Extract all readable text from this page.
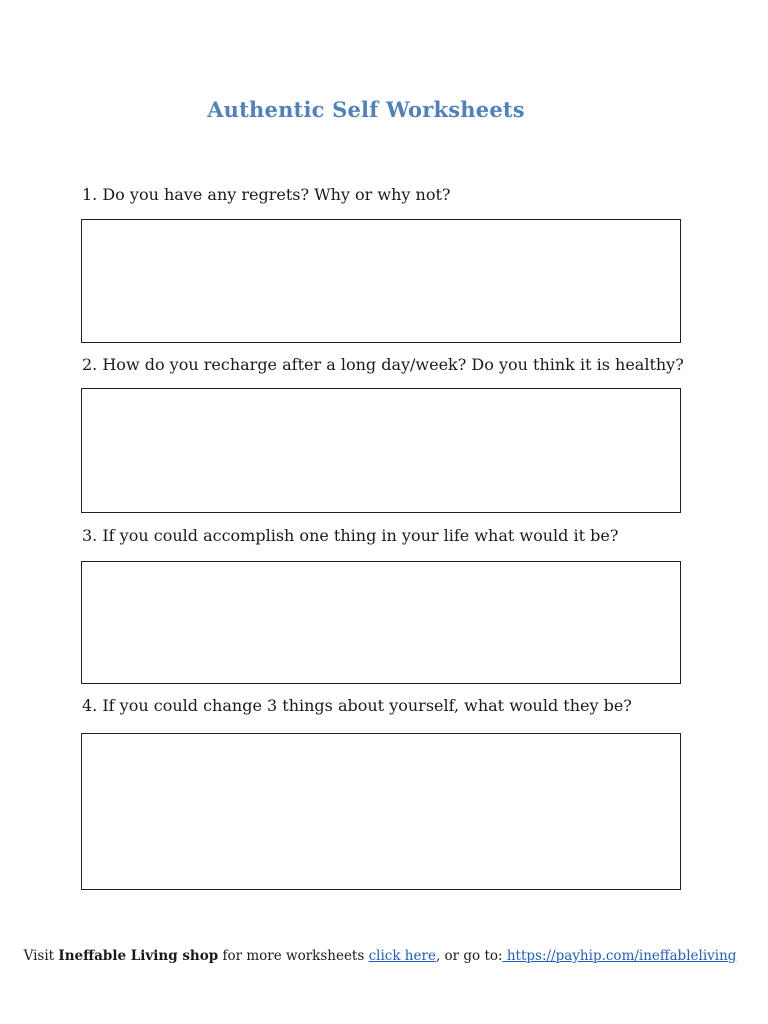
Authentic Self Worksheets

1. Do you have any regrets? Why or why not?

2. How do you recharge after a long day/week? Do you think it is healthy?

3. If you could accomplish one thing in your life what would it be?

4. If you could change 3 things about yourself, what would they be?

Visit Ineffable Living shop for more worksheets click here, or go to: https://payhip.com/ineffableliving
